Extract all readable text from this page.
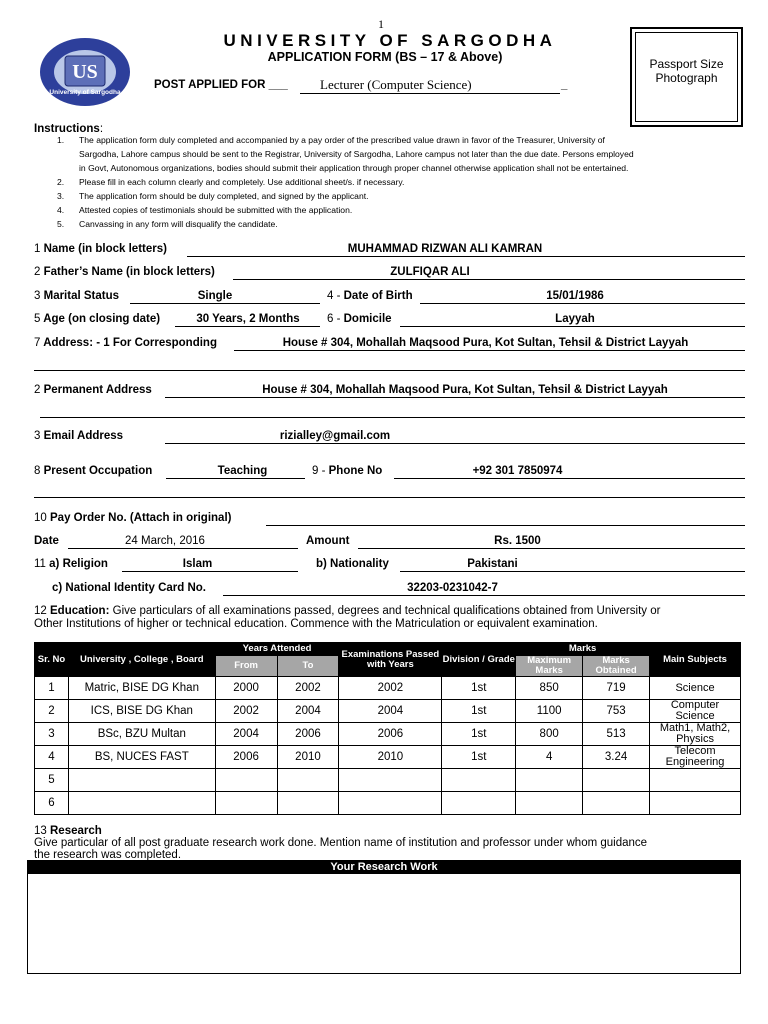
1
US
University of Sargodha
UNIVERSITY OF SARGODHA
APPLICATION FORM (BS – 17 & Above)
POST APPLIED FOR ___ Lecturer (Computer Science)	_
Passport Size Photograph
Instructions:
1. The application form duly completed and accompanied by a pay order of the prescribed value drawn in favor of the Treasurer, University of
Sargodha, Lahore campus should be sent to the Registrar, University of Sargodha, Lahore campus not later than the due date. Persons employed
in Govt, Autonomous organizations, bodies should submit their application through proper channel otherwise application shall not be entertained.
2. Please fill in each column clearly and completely. Use additional sheet/s. if necessary.
3. The application form should be duly completed, and signed by the applicant.
4. Attested copies of testimonials should be submitted with the application.
5. Canvassing in any form will disqualify the candidate.
1 Name (in block letters)	MUHAMMAD RIZWAN ALI KAMRAN
2 Father’s Name (in block letters)	ZULFIQAR ALI
3 Marital Status	Single	4 - Date of Birth	15/01/1986
5 Age (on closing date)	30 Years, 2 Months	6 - Domicile	Layyah
7 Address: - 1 For Corresponding	House # 304, Mohallah Maqsood Pura, Kot Sultan, Tehsil & District Layyah
2 Permanent Address	House # 304, Mohallah Maqsood Pura, Kot Sultan, Tehsil & District Layyah
3 Email Address	rizialley@gmail.com
8 Present Occupation	Teaching	9 - Phone No	+92 301 7850974
10 Pay Order No. (Attach in original)
Date	24 March, 2016	Amount	Rs. 1500
11 a) Religion	Islam	b) Nationality	Pakistani
c) National Identity Card No.	32203-0231042-7
12 Education: Give particulars of all examinations passed, degrees and technical qualifications obtained from University or
Other Institutions of higher or technical education. Commence with the Matriculation or equivalent examination.
Sr. No	University , College , Board	Years Attended		Examinations Passed with Years	Division / Grade	Marks		Main Subjects
		From	To			Maximum Marks	Marks Obtained	
1	Matric, BISE DG Khan	2000	2002	2002	1st	850	719	Science
2	ICS, BISE DG Khan	2002	2004	2004	1st	1100	753	Computer Science
3	BSc, BZU Multan	2004	2006	2006	1st	800	513	Math1, Math2, Physics
4	BS, NUCES FAST	2006	2010	2010	1st	4	3.24	Telecom Engineering
5								
6								
13 Research
Give particular of all post graduate research work done. Mention name of institution and professor under whom guidance
the research was completed.
Your Research Work
